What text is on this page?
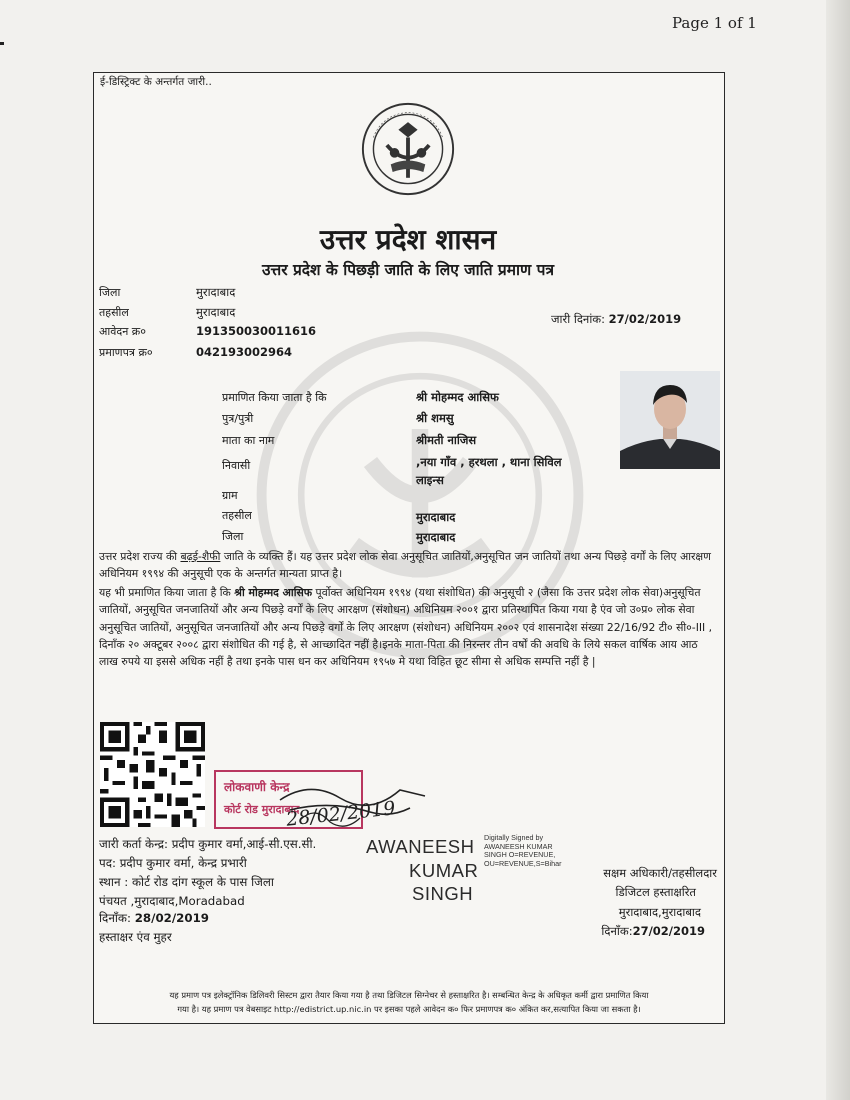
Page 1 of 1
ई-डिस्ट्रिक्ट के अन्तर्गत जारी..
उत्तर प्रदेश शासन
उत्तर प्रदेश के पिछड़ी जाति के लिए जाति प्रमाण पत्र
जिला	मुरादाबाद
तहसील	मुरादाबाद
आवेदन क्र०	191350030011616
प्रमाणपत्र क्र०	042193002964
जारी दिनांक: 27/02/2019
प्रमाणित किया जाता है कि	श्री मोहम्मद आसिफ
पुत्र/पुत्री	श्री शमसु
माता का नाम	श्रीमती नाजिस
निवासी	,नया गाँव , हरथला , थाना सिविल
लाइन्स
ग्राम
तहसील	मुरादाबाद
जिला	मुरादाबाद
उत्तर प्रदेश राज्य की बढ़ई-शैफी जाति के व्यक्ति हैं। यह उत्तर प्रदेश लोक सेवा अनुसूचित जातियों,अनुसूचित जन जातियों तथा अन्य पिछड़े वर्गों के लिए आरक्षण अधिनियम १९९४ की अनुसूची एक के अन्तर्गत मान्यता प्राप्त है।
यह भी प्रमाणित किया जाता है कि श्री मोहम्मद आसिफ पूर्वोक्त अधिनियम १९९४ (यथा संशोधित) की अनुसूची २ (जैसा कि उत्तर प्रदेश लोक सेवा)अनुसूचित जातियों, अनुसूचित जनजातियों और अन्य पिछड़े वर्गों के लिए आरक्षण (संशोधन) अधिनियम २००१ द्वारा प्रतिस्थापित किया गया है एंव जो उ०प्र० लोक सेवा अनुसूचित जातियों, अनुसूचित जनजातियों और अन्य पिछड़े वर्गों के लिए आरक्षण (संशोधन) अधिनियम २००२ एवं शासनादेश संख्या 22/16/92 टी० सी०-III , दिनाँक २० अक्टूबर २००८ द्वारा संशोधित की गई है, से आच्छादित नहीं है।इनके माता-पिता की निरन्तर तीन वर्षों की अवधि के लिये सकल वार्षिक आय आठ लाख रुपये या इससे अधिक नहीं है तथा इनके पास धन कर अधिनियम १९५७ मे यथा विहित छूट सीमा से अधिक सम्पत्ति नहीं है |
लोकवाणी केन्द्र
कोर्ट रोड मुरादाबाद
28/02/2019
जारी कर्ता केन्द्र: प्रदीप कुमार वर्मा,आई-सी.एस.सी.
पद: प्रदीप कुमार वर्मा, केन्द्र प्रभारी
स्थान : कोर्ट रोड दांग स्कूल के पास जिला
पंचयत ,मुरादाबाद,Moradabad
दिनाँक: 28/02/2019
हस्ताक्षर एंव मुहर
AWANEESH
KUMAR
SINGH
Digitally Signed by
AWANEESH KUMAR
SINGH O=REVENUE,
OU=REVENUE,S=Bihar
सक्षम अधिकारी/तहसीलदार
डिजिटल हस्ताक्षरित
मुरादाबाद,मुरादाबाद
दिनाँक:27/02/2019
यह प्रमाण पत्र इलेक्ट्रॉनिक डिलिवरी सिस्टम द्वारा तैयार किया गया है तथा डिजिटल सिग्नेचर से हस्ताक्षरित है। सम्बन्धित केन्द्र के अधिकृत कर्मी द्वारा प्रमाणित किया
गया है। यह प्रमाण पत्र वेबसाइट http://edistrict.up.nic.in पर इसका पहले आवेदन क० फिर प्रमाणपत्र क० अंकित कर,सत्यापित किया जा सकता है।
